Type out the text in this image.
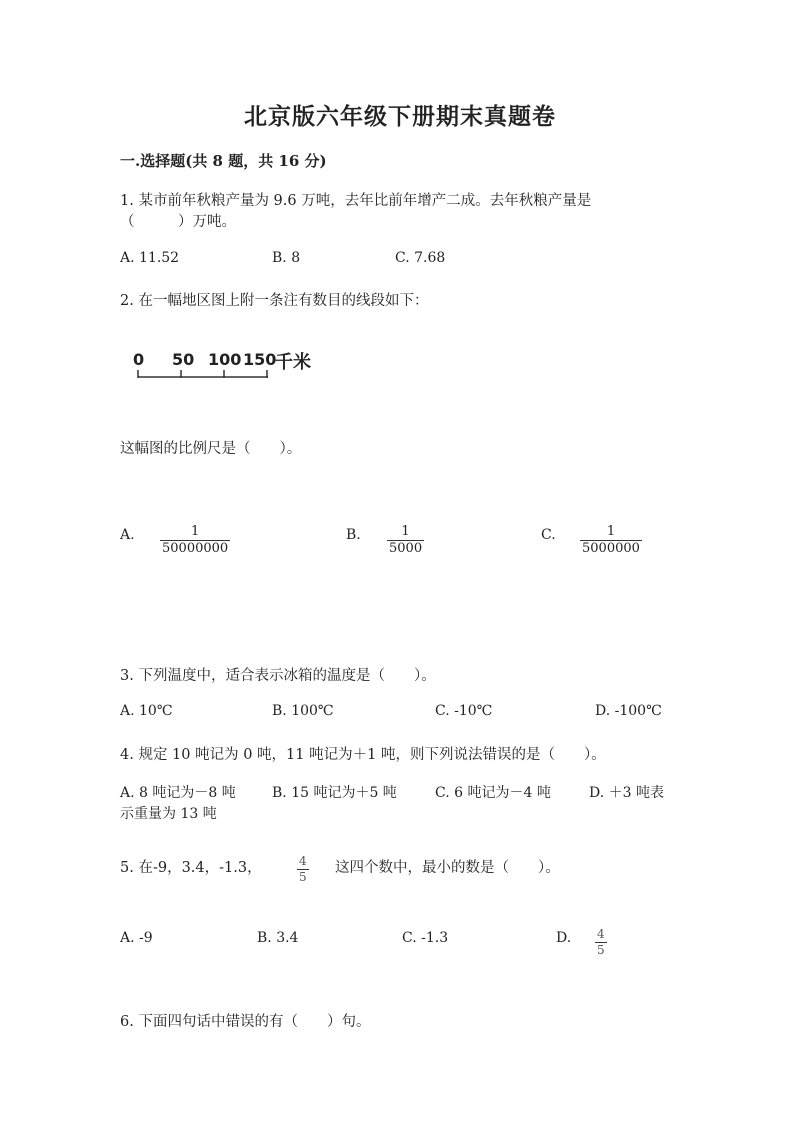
北京版六年级下册期末真题卷
一.选择题(共 8 题，共 16 分)
1. 某市前年秋粮产量为 9.6 万吨，去年比前年增产二成。去年秋粮产量是
（　　　）万吨。
A. 11.52	B. 8	C. 7.68
2. 在一幅地区图上附一条注有数目的线段如下：
0 50 100 150
千米
这幅图的比例尺是（　　）。
A. $\frac{1}{50000000}$	B. $\frac{1}{5000}$	C. $\frac{1}{5000000}$
3. 下列温度中，适合表示冰箱的温度是（　　）。
A. 10℃	B. 100℃	C. -10℃	D. -100℃
4. 规定 10 吨记为 0 吨，11 吨记为＋1 吨，则下列说法错误的是（　　）。
A. 8 吨记为－8 吨	B. 15 吨记为＋5 吨	C. 6 吨记为－4 吨	D. ＋3 吨表
示重量为 13 吨
5. 在-9，3.4，-1.3，	$\frac{4}{5}$ 这四个数中，最小的数是（　　）。
A. -9	B. 3.4	C. -1.3	D. $\frac{4}{5}$
6. 下面四句话中错误的有（　　）句。
